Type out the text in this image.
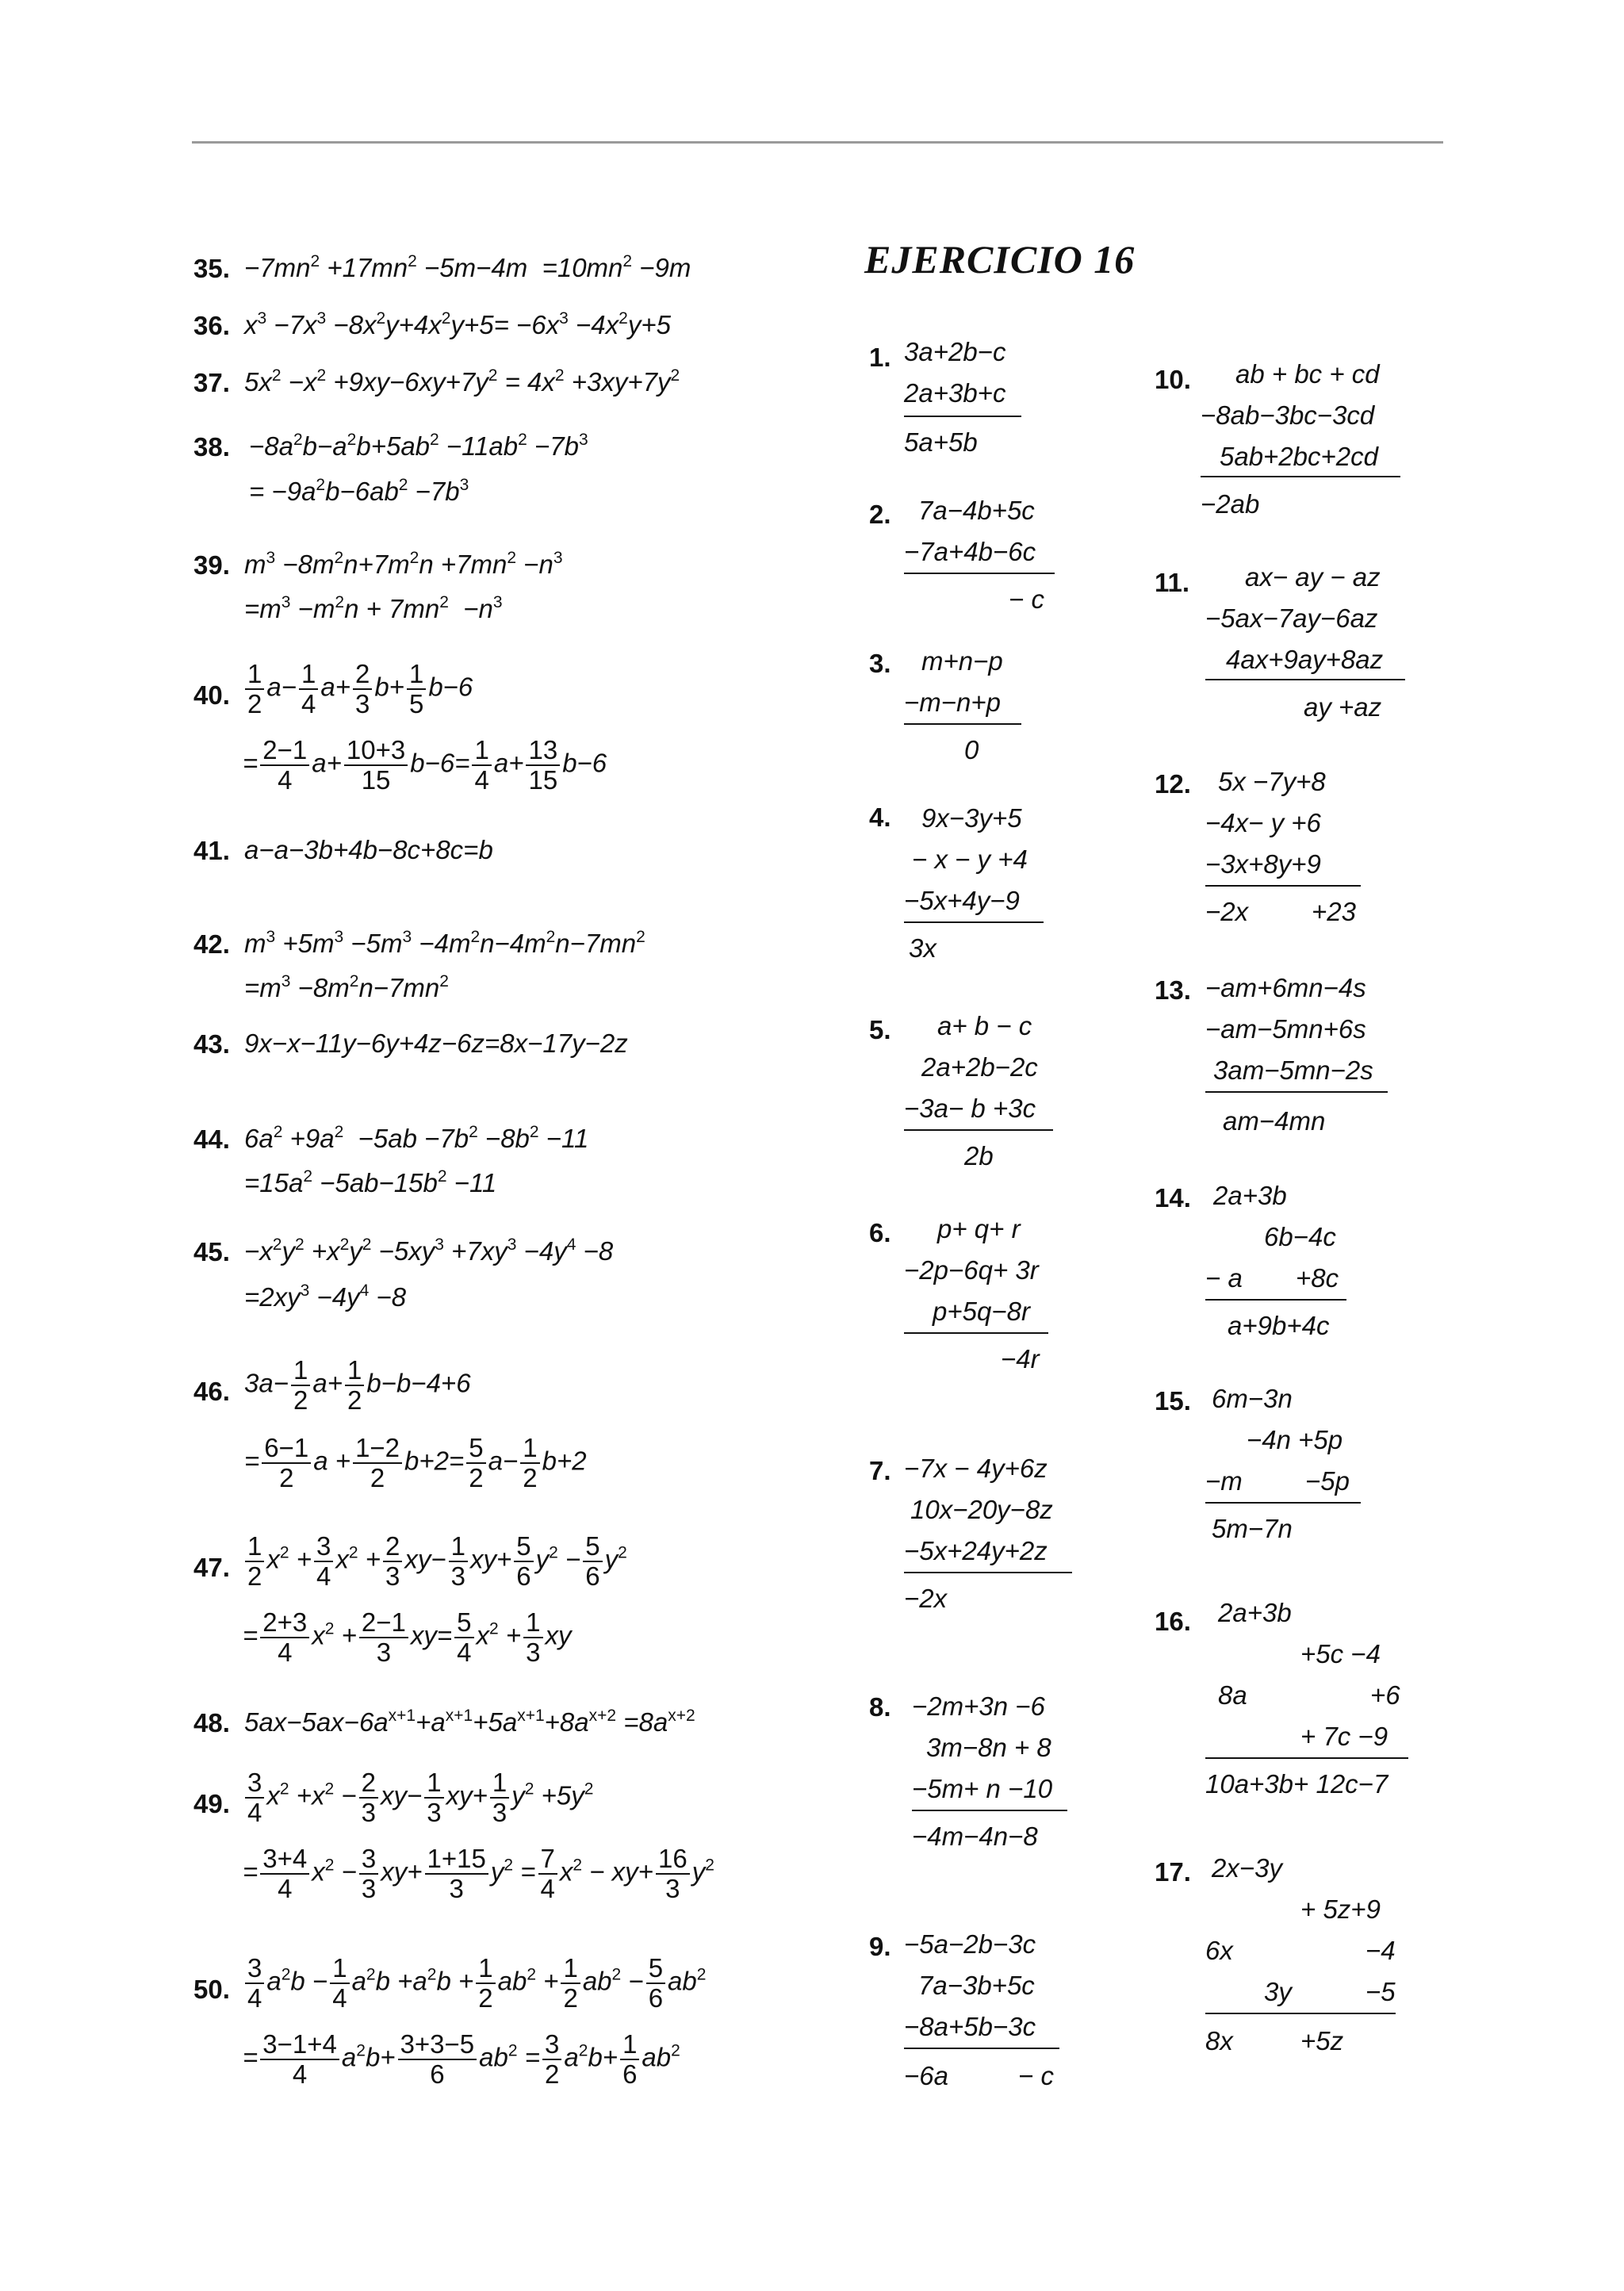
35. $-7mn^2 +17mn^2 -5m-4m =10mn^2 -9m$
36. $x^3 -7x^3 -8x^2y+4x^2y+5= -6x^3 -4x^2y+5$
37. $5x^2 -x^2 +9xy-6xy+7y^2 = 4x^2 +3xy+7y^2$
38. $-8a^2b-a^2b+5ab^2 -11ab^2 -7b^3$
= $-9a^2b-6ab^2 -7b^3$
39. $m^3 -8m^2n+7m^2n +7mn^2 -n^3$
$=m^3 -m^2n + 7mn^2 -n^3$
40. $\frac{1}{2} a- \frac{1}{4} a+ \frac{2}{3} b+ \frac{1}{5} b-6$
= $\frac{2-1}{4} a+ \frac{10+3}{15} b-6= \frac{1}{4} a+ \frac{13}{15} b-6$
41. a−a−3b+4b−8c+8c=b
42. $m^3 +5m^3 -5m^3 -4m^2n-4m^2n-7mn^2$
$=m^3 -8m^2n-7mn^2$
43. 9x−x−11y−6y+4z−6z=8x−17y−2z
44. $6a^2 +9a^2 -5ab -7b^2 -8b^2 -11$
$=15a^2 -5ab-15b^2 -11$
45. $-x^2y^2 +x^2y^2 -5xy^3 +7xy^3 -4y^4 -8$
$=2xy^3 -4y^4 -8$
46. $3a- \frac{1}{2} a+ \frac{1}{2} b-b-4+6$
= $\frac{6-1}{2}$ $a + \frac{1-2}{2} b+2= \frac{5}{2} a- \frac{1}{2} b+2$
47. $\frac{1}{2} x^2 + \frac{3}{4} x^2 + \frac{2}{3} xy- \frac{1}{3} xy+ \frac{5}{6} y^2 - \frac{5}{6} y^2$
= $\frac{2+3}{4} x^2 + \frac{2-1}{3} xy= \frac{5}{4} x^2 + \frac{1}{3}$ xy
48. $5ax-5ax-6a^{x+1}+a^{x+1}+5a^{x+1}+8a^{x+2} =8a^{x+2}$
49. $\frac{3}{4} x^2 +x^2 - \frac{2}{3} xy- \frac{1}{3} xy+ \frac{1}{3} y^2 +5y^2$
= $\frac{3+4}{4} x^2 - \frac{3}{3} xy+ \frac{1+15}{3} y^2 = \frac{7}{4} x^2 - xy+ \frac{16}{3} y^2$
50. $\frac{3}{4} a^2b - \frac{1}{4} a^2b +a^2b + \frac{1}{2} ab^2 + \frac{1}{2} ab^2 - \frac{5}{6} ab^2$
= $\frac{3-1+4}{4} a^2b+ \frac{3+3-5}{6} ab^2 = \frac{3}{2} a^2b+ \frac{1}{6} ab^2$
EJERCICIO 16
1. 3a+2b−c
2a+3b+c
5a+5b
2. 7a−4b+5c
−7a+4b−6c
− c
3. m+n−p
−m−n+p
0
4. 9x−3y+5
− x − y +4
−5x+4y−9
3x
5. a+ b − c
2a+2b−2c
−3a− b +3c
2b
6. p+ q+ r
−2p−6q+ 3r
p+5q−8r
−4r
7. −7x − 4y+6z
10x−20y−8z
−5x+24y+2z
−2x
8. −2m+3n −6
3m−8n + 8
−5m+ n −10
−4m−4n−8
9. −5a−2b−3c
7a−3b+5c
−8a+5b−3c
−6a	− c
10. ab + bc + cd
−8ab−3bc−3cd
5ab+2bc+2cd
−2ab
11. ax− ay − az
−5ax−7ay−6az
4ax+9ay+8az
ay +az
12. 5x −7y+8
−4x− y +6
−3x+8y+9
−2x +23
13. −am+6mn−4s
−am−5mn+6s
3am−5mn−2s
am−4mn
14. 2a+3b
6b−4c
− a +8c
a+9b+4c
15. 6m−3n
−4n +5p
−m −5p
5m−7n
16. 2a+3b
+5c −4
8a	+6
+ 7c −9
10a+3b+ 12c−7
17. 2x−3y
+ 5z+9
6x	−4
3y	−5
8x	+5z
